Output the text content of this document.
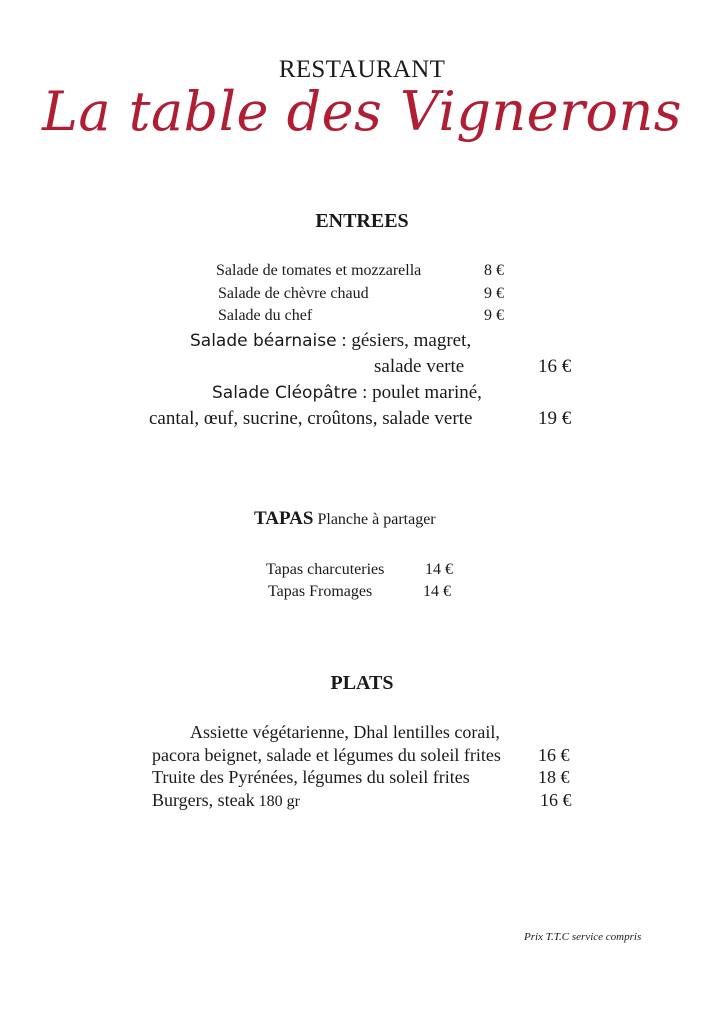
RESTAURANT
La table des Vignerons
ENTREES
Salade de tomates et mozzarella	8 €
Salade de chèvre chaud	9 €
Salade du chef	9 €
Salade béarnaise : gésiers, magret,
salade verte	16 €
Salade Cléopâtre : poulet mariné,
cantal, œuf, sucrine, croûtons, salade verte	19 €
TAPAS Planche à partager
Tapas charcuteries	14 €
Tapas Fromages	14 €
PLATS
Assiette végétarienne, Dhal lentilles corail,
pacora beignet, salade et légumes du soleil frites 16 €
Truite des Pyrénées, légumes du soleil frites	18 €
Burgers, steak 180 gr	16 €
Prix T.T.C service compris
